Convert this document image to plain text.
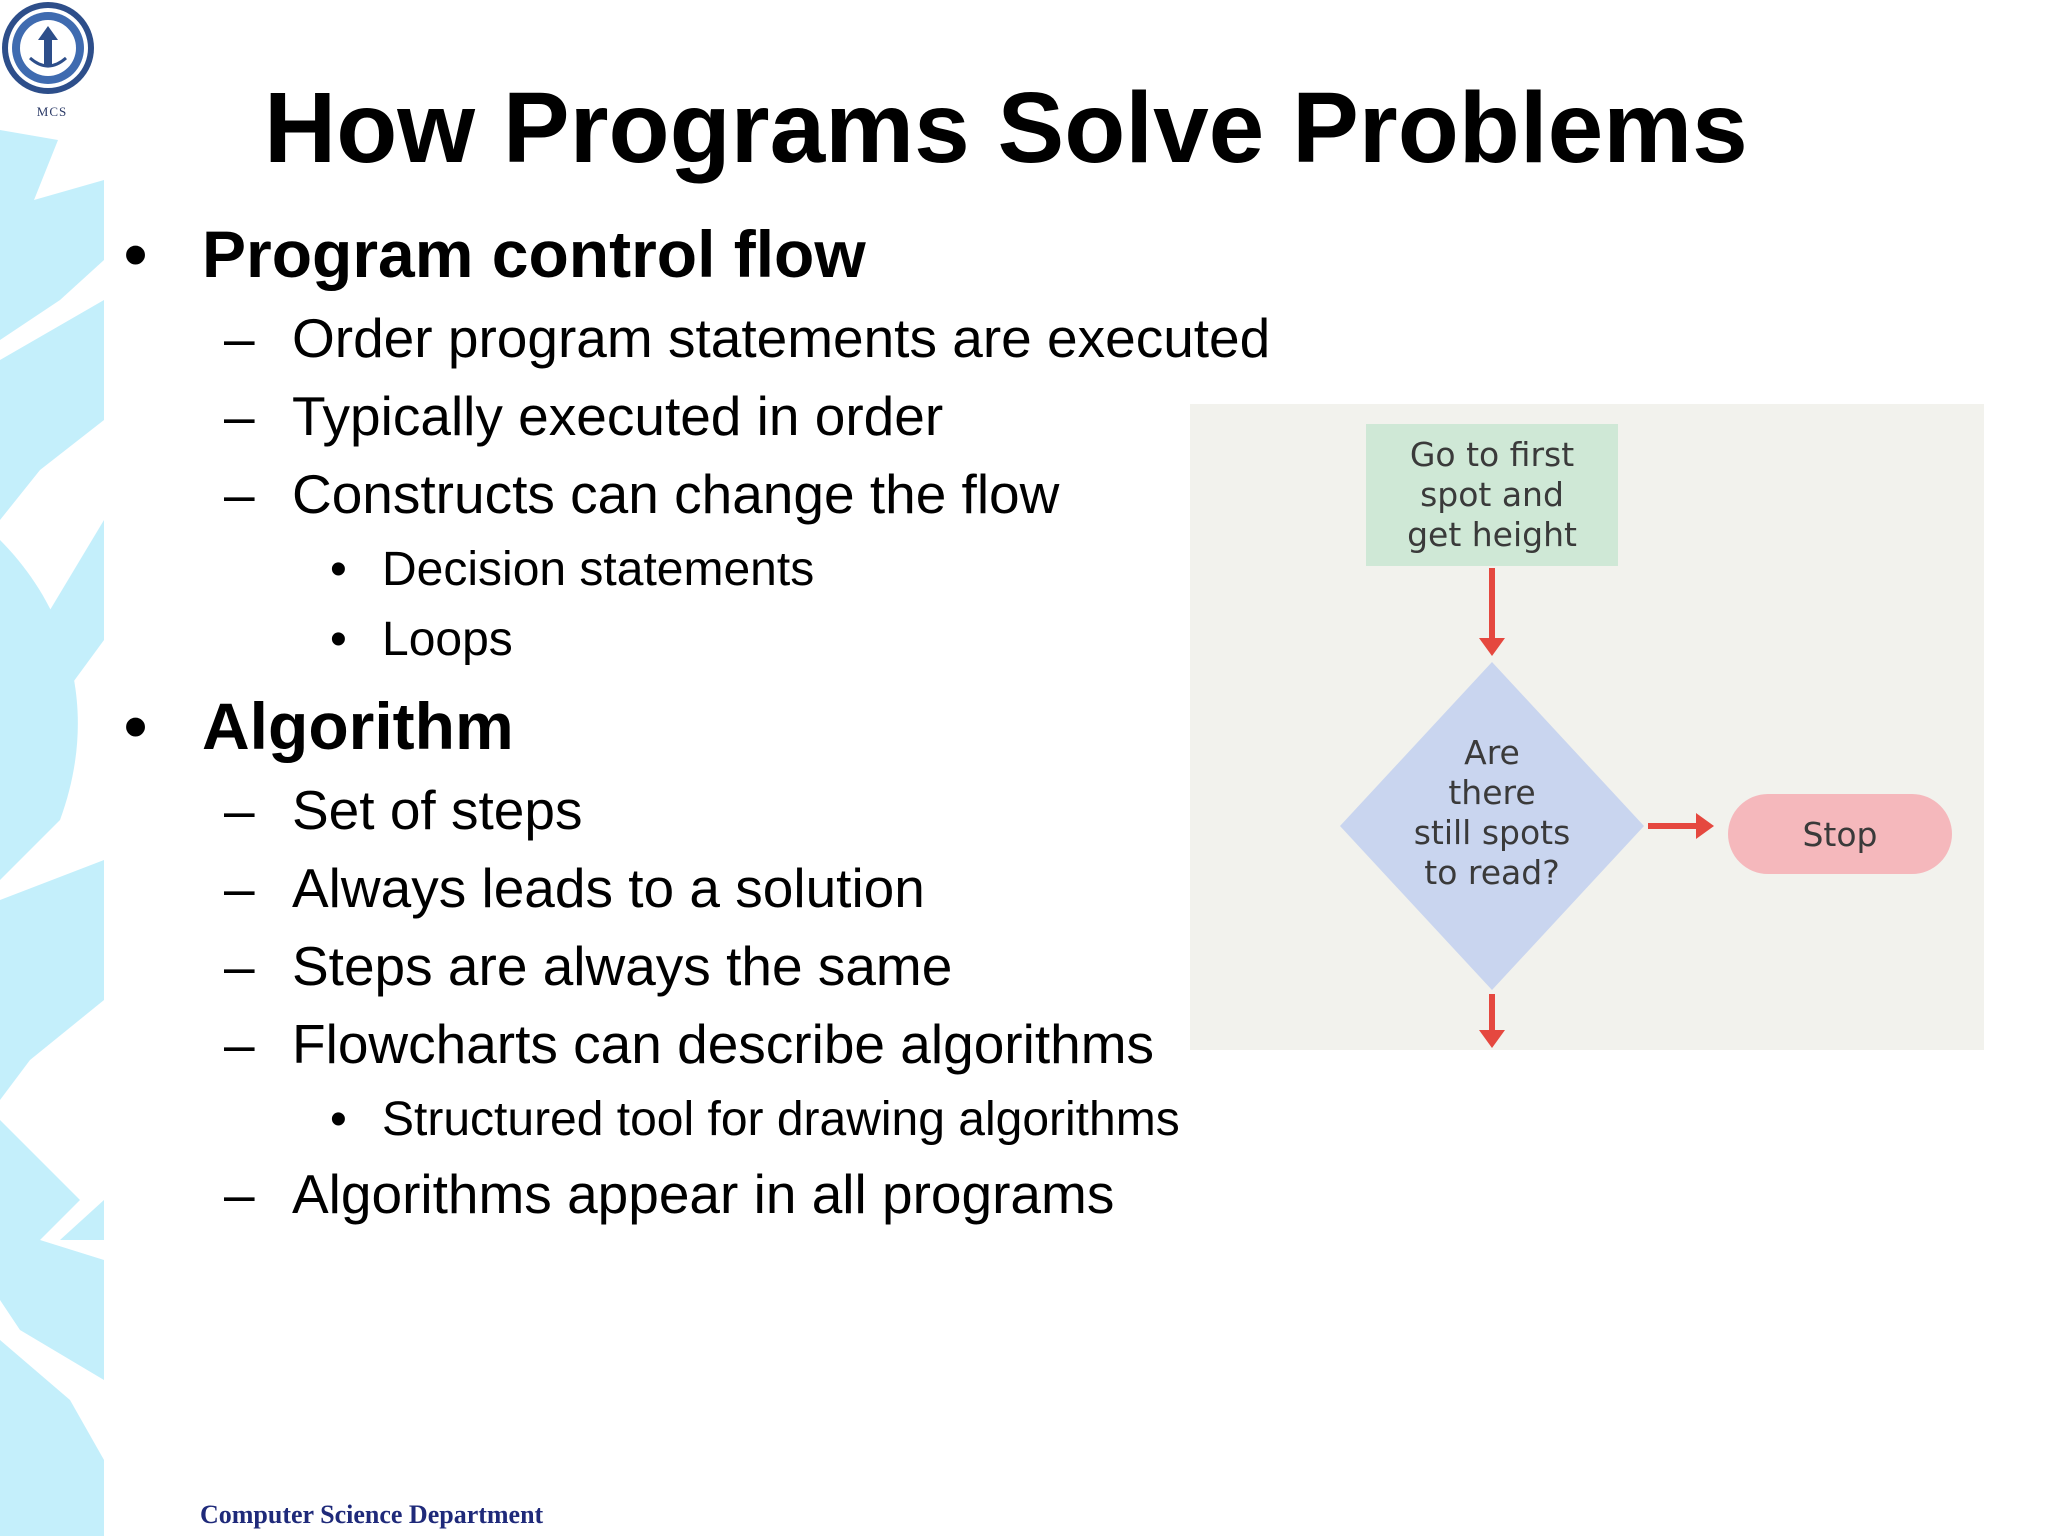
MCS	How Programs Solve Problems
• Program control flow
– Order program statements are executed
– Typically executed in order
– Constructs can change the flow
• Decision statements
• Loops
• Algorithm
– Set of steps
– Always leads to a solution
– Steps are always the same
– Flowcharts can describe algorithms
• Structured tool for drawing algorithms
– Algorithms appear in all programs
Go to first
spot and
get height
Are
there
still spots
to read?
Stop
Computer Science Department
